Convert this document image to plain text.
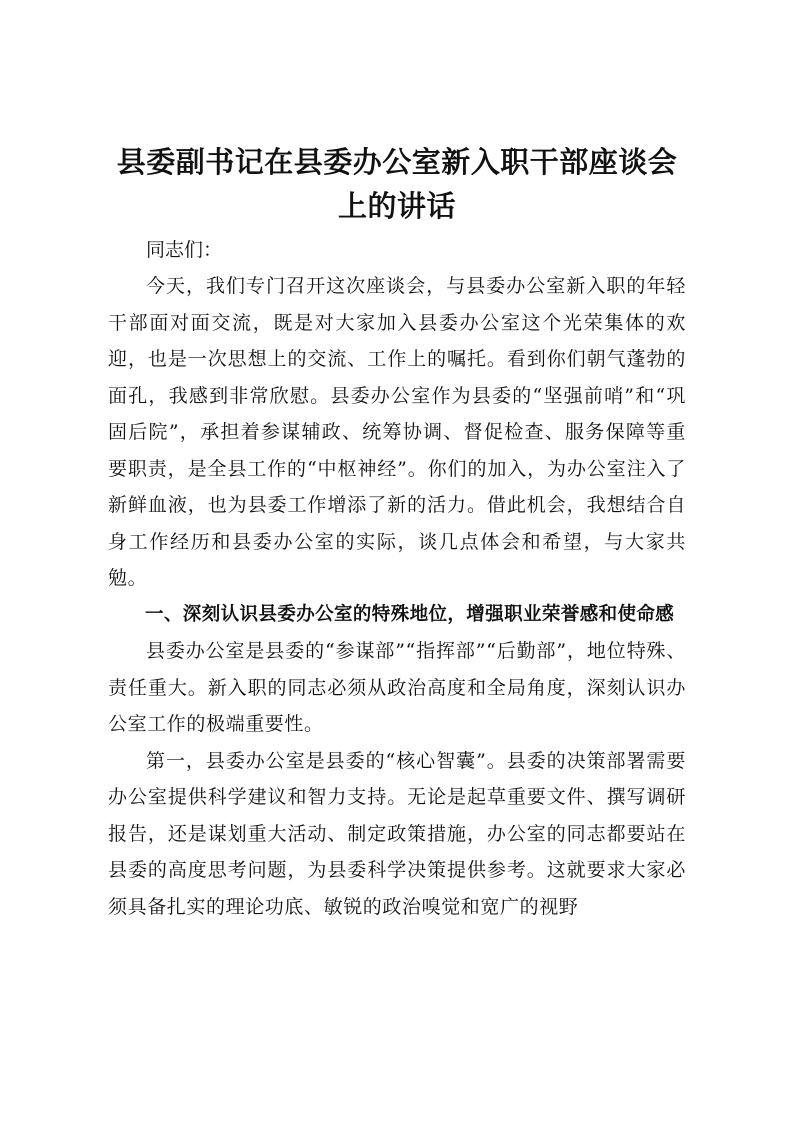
县委副书记在县委办公室新入职干部座谈会上的讲话

同志们：

今天，我们专门召开这次座谈会，与县委办公室新入职的年轻干部面对面交流，既是对大家加入县委办公室这个光荣集体的欢迎，也是一次思想上的交流、工作上的嘱托。看到你们朝气蓬勃的面孔，我感到非常欣慰。县委办公室作为县委的“坚强前哨”和“巩固后院”，承担着参谋辅政、统筹协调、督促检查、服务保障等重要职责，是全县工作的“中枢神经”。你们的加入，为办公室注入了新鲜血液，也为县委工作增添了新的活力。借此机会，我想结合自身工作经历和县委办公室的实际，谈几点体会和希望，与大家共勉。

一、深刻认识县委办公室的特殊地位，增强职业荣誉感和使命感

县委办公室是县委的“参谋部”“指挥部”“后勤部”，地位特殊、责任重大。新入职的同志必须从政治高度和全局角度，深刻认识办公室工作的极端重要性。

第一，县委办公室是县委的“核心智囊”。县委的决策部署需要办公室提供科学建议和智力支持。无论是起草重要文件、撰写调研报告，还是谋划重大活动、制定政策措施，办公室的同志都要站在县委的高度思考问题，为县委科学决策提供参考。这就要求大家必须具备扎实的理论功底、敏锐的政治嗅觉和宽广的视野
